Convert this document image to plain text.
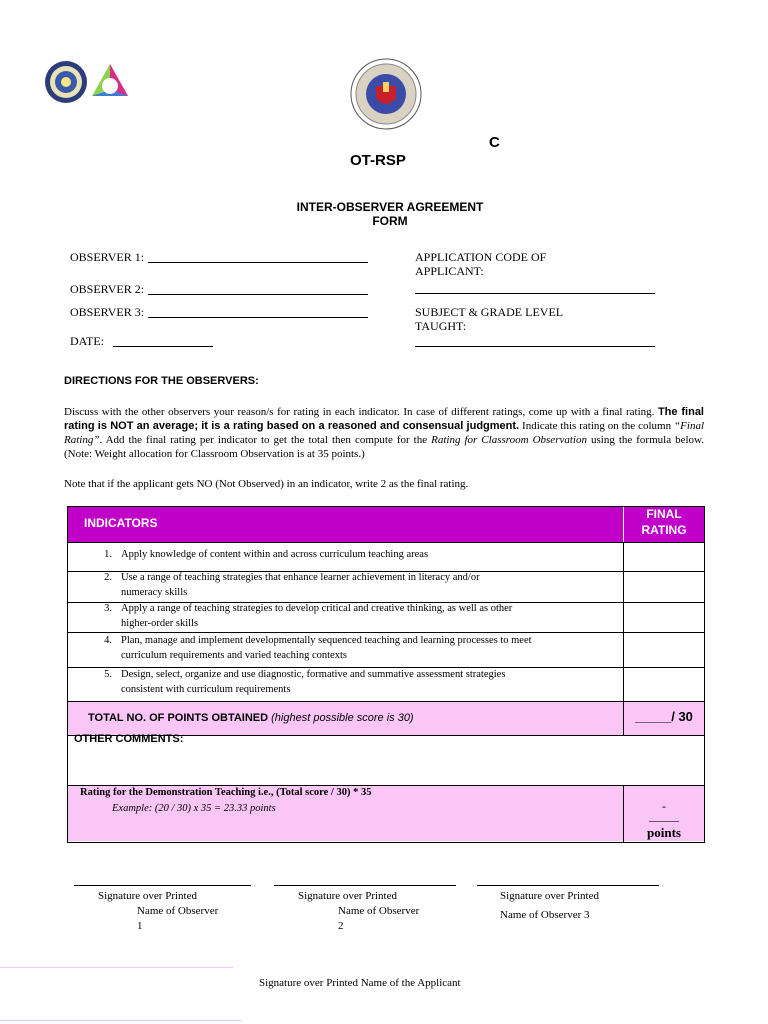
C
OT-RSP
INTER-OBSERVER AGREEMENT
FORM
OBSERVER 1:
OBSERVER 2:
OBSERVER 3:
DATE:
APPLICATION CODE OF
APPLICANT:
SUBJECT & GRADE LEVEL
TAUGHT:
DIRECTIONS FOR THE OBSERVERS:
Discuss with the other observers your reason/s for rating in each indicator. In case of different ratings, come up with a final rating. The final rating is NOT an average; it is a rating based on a reasoned and consensual judgment. Indicate this rating on the column “Final Rating”. Add the final rating per indicator to get the total then compute for the Rating for Classroom Observation using the formula below. (Note: Weight allocation for Classroom Observation is at 35 points.)
Note that if the applicant gets NO (Not Observed) in an indicator, write 2 as the final rating.
INDICATORS
FINAL
RATING
1. Apply knowledge of content within and across curriculum teaching areas
2. Use a range of teaching strategies that enhance learner achievement in literacy and/or
numeracy skills
3. Apply a range of teaching strategies to develop critical and creative thinking, as well as other
higher-order skills
4. Plan, manage and implement developmentally sequenced teaching and learning processes to meet
curriculum requirements and varied teaching contexts
5. Design, select, organize and use diagnostic, formative and summative assessment strategies
consistent with curriculum requirements
TOTAL NO. OF POINTS OBTAINED (highest possible score is 30)	_____/ 30
OTHER COMMENTS:
Rating for the Demonstration Teaching i.e., (Total score / 30) * 35
Example: (20 / 30) x 35 = 23.33 points	-
_____
points
Signature over Printed
Name of Observer
1
Signature over Printed
Name of Observer
2
Signature over Printed
Name of Observer 3
Signature over Printed Name of the Applicant
